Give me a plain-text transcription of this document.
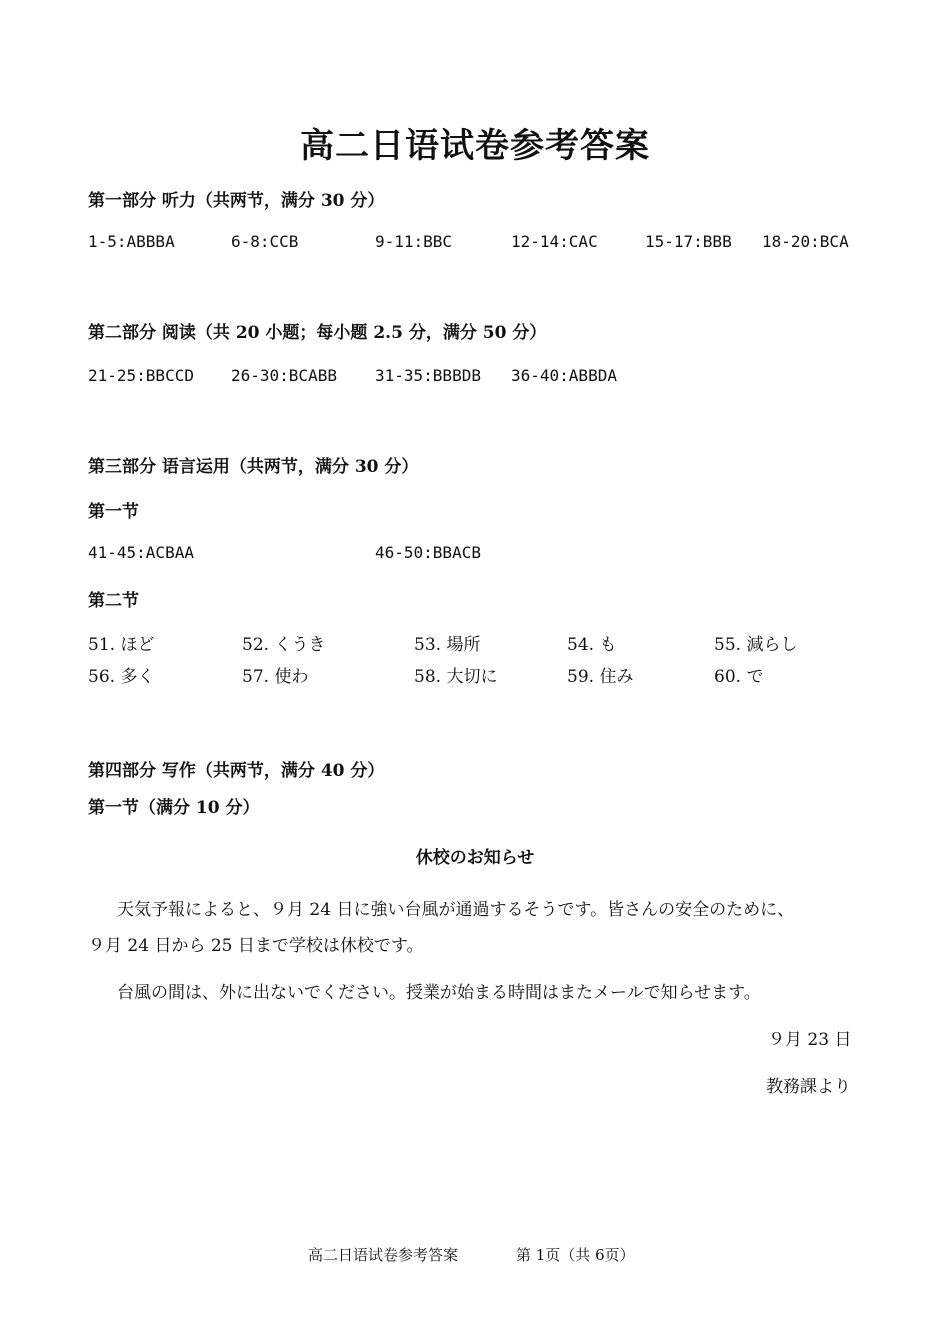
高二日语试卷参考答案
第一部分 听力（共两节，满分 30 分）
1-5:ABBBA	6-8:CCB	9-11:BBC	12-14:CAC	15-17:BBB 18-20:BCA
第二部分 阅读（共 20 小题；每小题 2.5 分，满分 50 分）
21-25:BBCCD 26-30:BCABB 31-35:BBBDB 36-40:ABBDA
第三部分 语言运用（共两节，满分 30 分）
第一节
41-45:ACBAA	46-50:BBACB
第二节
51. ほど	52. くうき	53. 場所	54. も	55. 減らし
56. 多く	57. 使わ	58. 大切に	59. 住み	60. で
第四部分 写作（共两节，满分 40 分）
第一节（满分 10 分）
休校のお知らせ
天気予報によると、９月 24 日に強い台風が通過するそうです。皆さんの安全のために、
９月 24 日から 25 日まで学校は休校です。
台風の間は、外に出ないでください。授業が始まる時間はまたメールで知らせます。
９月 23 日
教務課より
高二日语试卷参考答案	第 1页（共 6页）
